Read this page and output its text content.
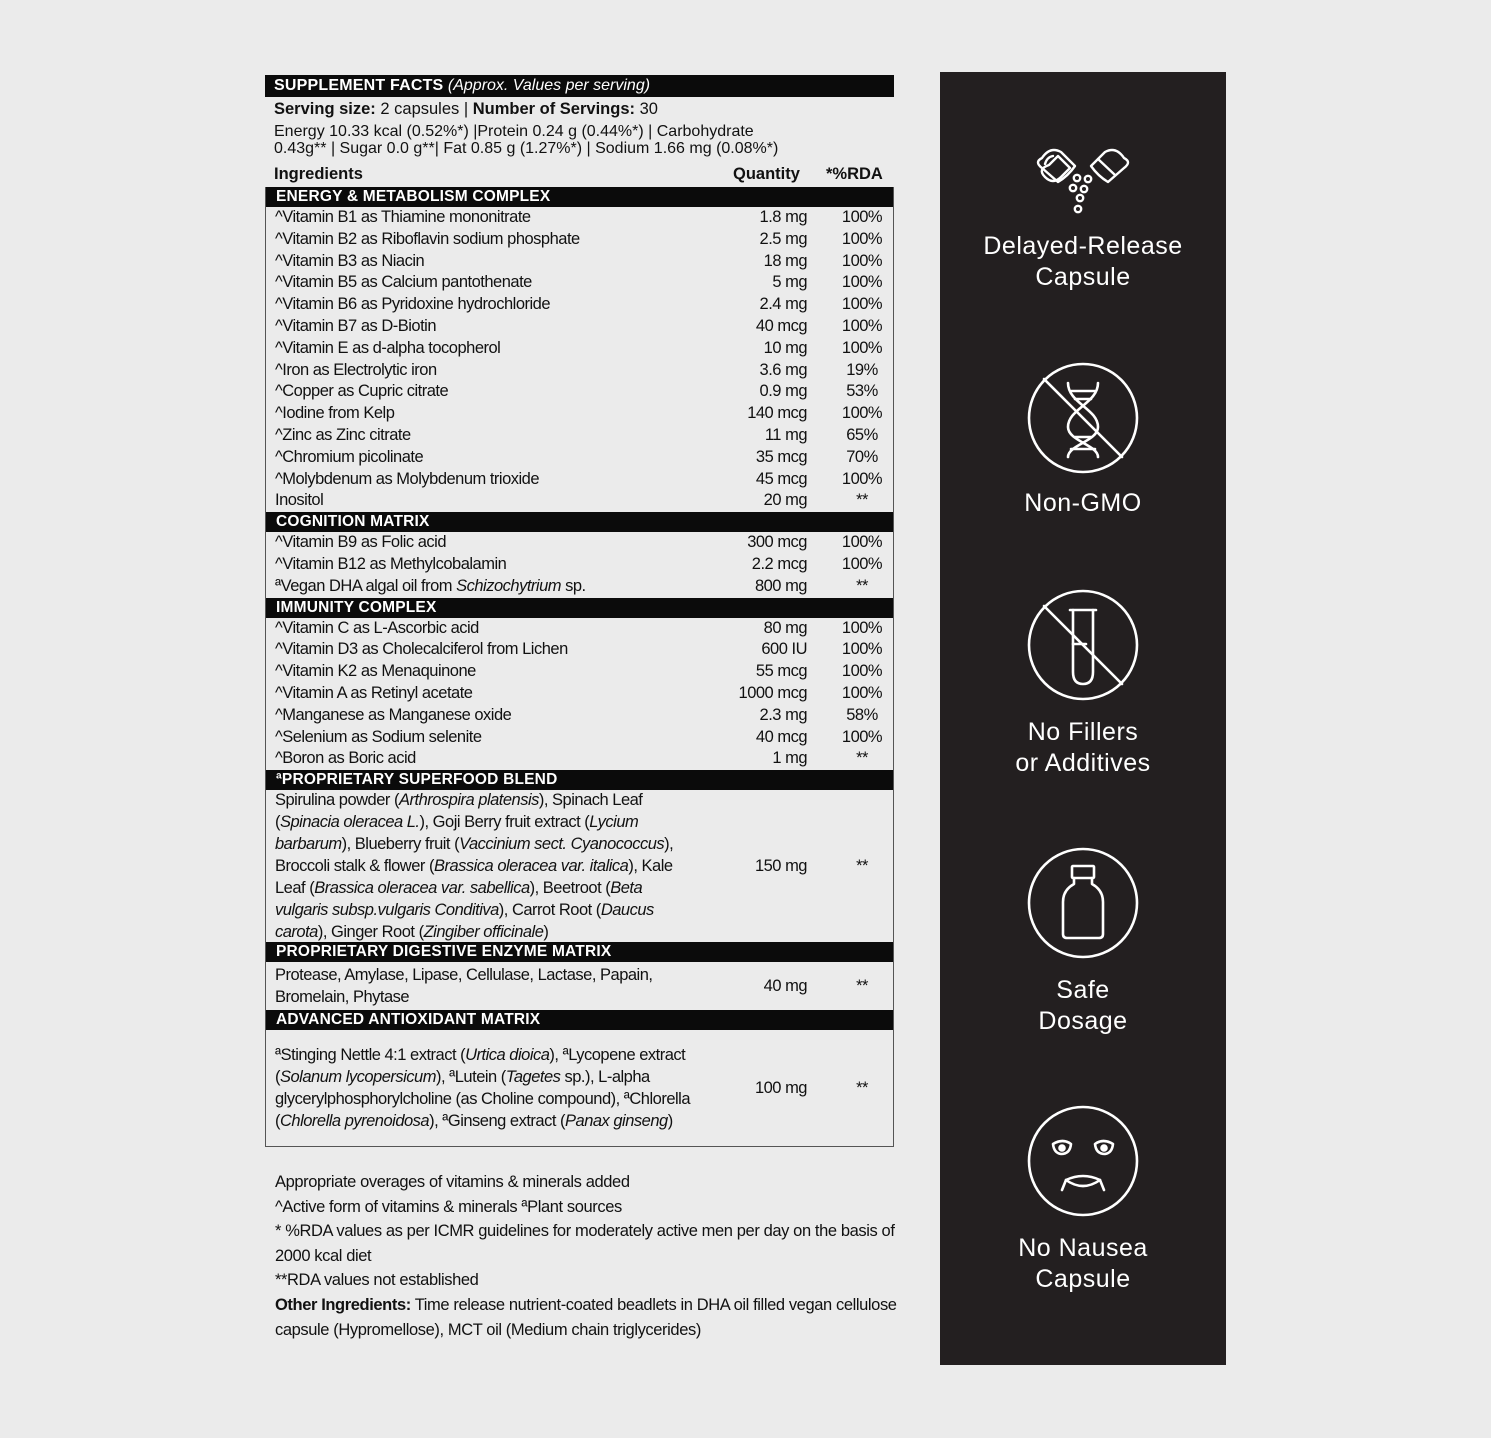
SUPPLEMENT FACTS (Approx. Values per serving)
Serving size: 2 capsules | Number of Servings: 30
Energy 10.33 kcal (0.52%*) |Protein 0.24 g (0.44%*) | Carbohydrate
0.43g** | Sugar 0.0 g**| Fat 0.85 g (1.27%*) | Sodium 1.66 mg (0.08%*)
Ingredients	Quantity *%RDA
ENERGY & METABOLISM COMPLEX
^Vitamin B1 as Thiamine mononitrate	1.8 mg	100%
^Vitamin B2 as Riboflavin sodium phosphate	2.5 mg	100%
^Vitamin B3 as Niacin	18 mg	100%
^Vitamin B5 as Calcium pantothenate	5 mg	100%
^Vitamin B6 as Pyridoxine hydrochloride	2.4 mg	100%
^Vitamin B7 as D-Biotin	40 mcg	100%
^Vitamin E as d-alpha tocopherol	10 mg	100%
^Iron as Electrolytic iron	3.6 mg	19%
^Copper as Cupric citrate	0.9 mg	53%
^Iodine from Kelp	140 mcg	100%
^Zinc as Zinc citrate	11 mg	65%
^Chromium picolinate	35 mcg	70%
^Molybdenum as Molybdenum trioxide	45 mcg	100%
Inositol	20 mg	**
COGNITION MATRIX
^Vitamin B9 as Folic acid	300 mcg	100%
^Vitamin B12 as Methylcobalamin	2.2 mcg	100%
ªVegan DHA algal oil from Schizochytrium sp.	800 mg	**
IMMUNITY COMPLEX
^Vitamin C as L-Ascorbic acid	80 mg	100%
^Vitamin D3 as Cholecalciferol from Lichen	600 IU	100%
^Vitamin K2 as Menaquinone	55 mcg	100%
^Vitamin A as Retinyl acetate	1000 mcg	100%
^Manganese as Manganese oxide	2.3 mg	58%
^Selenium as Sodium selenite	40 mcg	100%
^Boron as Boric acid	1 mg	**
ªPROPRIETARY SUPERFOOD BLEND
Spirulina powder (Arthrospira platensis), Spinach Leaf (Spinacia oleracea L.), Goji Berry fruit extract (Lycium barbarum), Blueberry fruit (Vaccinium sect. Cyanococcus), Broccoli stalk & flower (Brassica oleracea var. italica), Kale Leaf (Brassica oleracea var. sabellica), Beetroot (Beta vulgaris subsp.vulgaris Conditiva), Carrot Root (Daucus carota), Ginger Root (Zingiber officinale)
150 mg	**
PROPRIETARY DIGESTIVE ENZYME MATRIX
Protease, Amylase, Lipase, Cellulase, Lactase, Papain, Bromelain, Phytase
40 mg	**
ADVANCED ANTIOXIDANT MATRIX
ªStinging Nettle 4:1 extract (Urtica dioica), ªLycopene extract (Solanum lycopersicum), ªLutein (Tagetes sp.), L-alpha glycerylphosphorylcholine (as Choline compound), ªChlorella (Chlorella pyrenoidosa), ªGinseng extract (Panax ginseng)
100 mg	**

Appropriate overages of vitamins & minerals added

^Active form of vitamins & minerals ªPlant sources

* %RDA values as per ICMR guidelines for moderately active men per day on the basis of 2000 kcal diet

**RDA values not established

Other Ingredients: Time release nutrient-coated beadlets in DHA oil filled vegan cellulose capsule (Hypromellose), MCT oil (Medium chain triglycerides)

Delayed-Release
Capsule
Non-GMO
No Fillers
or Additives
Safe
Dosage
No Nausea
Capsule
